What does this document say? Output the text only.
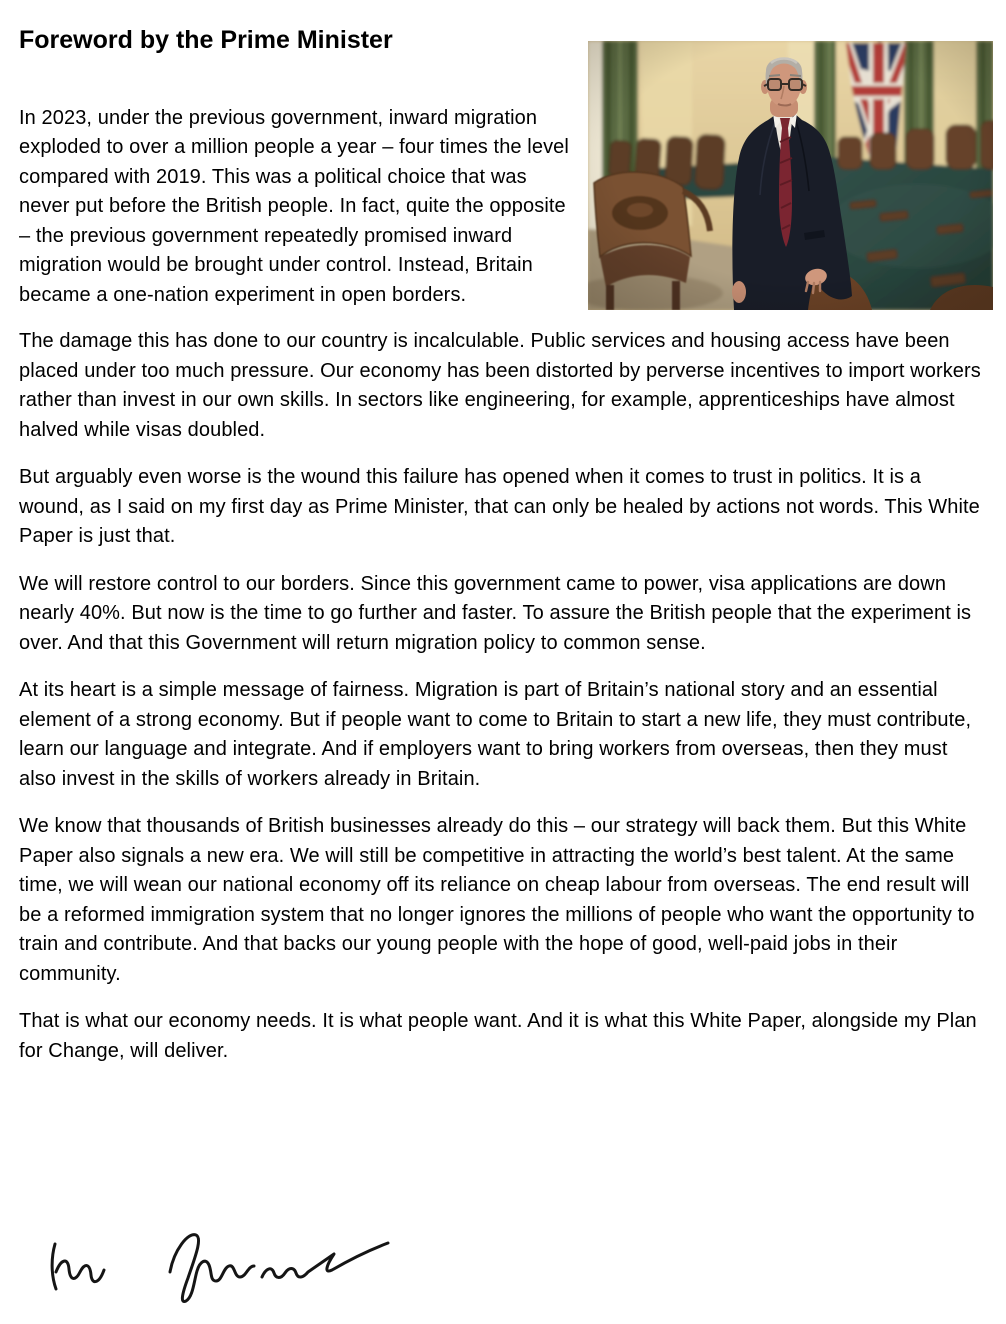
Foreword by the Prime Minister

In 2023, under the previous government, inward migration exploded to over a million people a year – four times the level compared with 2019. This was a political choice that was never put before the British people. In fact, quite the opposite – the previous government repeatedly promised inward migration would be brought under control. Instead, Britain became a one-nation experiment in open borders.

The damage this has done to our country is incalculable. Public services and housing access have been placed under too much pressure. Our economy has been distorted by perverse incentives to import workers rather than invest in our own skills. In sectors like engineering, for example, apprenticeships have almost halved while visas doubled.

But arguably even worse is the wound this failure has opened when it comes to trust in politics. It is a wound, as I said on my first day as Prime Minister, that can only be healed by actions not words. This White Paper is just that.

We will restore control to our borders. Since this government came to power, visa applications are down nearly 40%. But now is the time to go further and faster. To assure the British people that the experiment is over. And that this Government will return migration policy to common sense.

At its heart is a simple message of fairness. Migration is part of Britain’s national story and an essential element of a strong economy. But if people want to come to Britain to start a new life, they must contribute, learn our language and integrate. And if employers want to bring workers from overseas, then they must also invest in the skills of workers already in Britain.

We know that thousands of British businesses already do this – our strategy will back them. But this White Paper also signals a new era. We will still be competitive in attracting the world’s best talent. At the same time, we will wean our national economy off its reliance on cheap labour from overseas. The end result will be a reformed immigration system that no longer ignores the millions of people who want the opportunity to train and contribute. And that backs our young people with the hope of good, well-paid jobs in their community.

That is what our economy needs. It is what people want. And it is what this White Paper, alongside my Plan for Change, will deliver.
